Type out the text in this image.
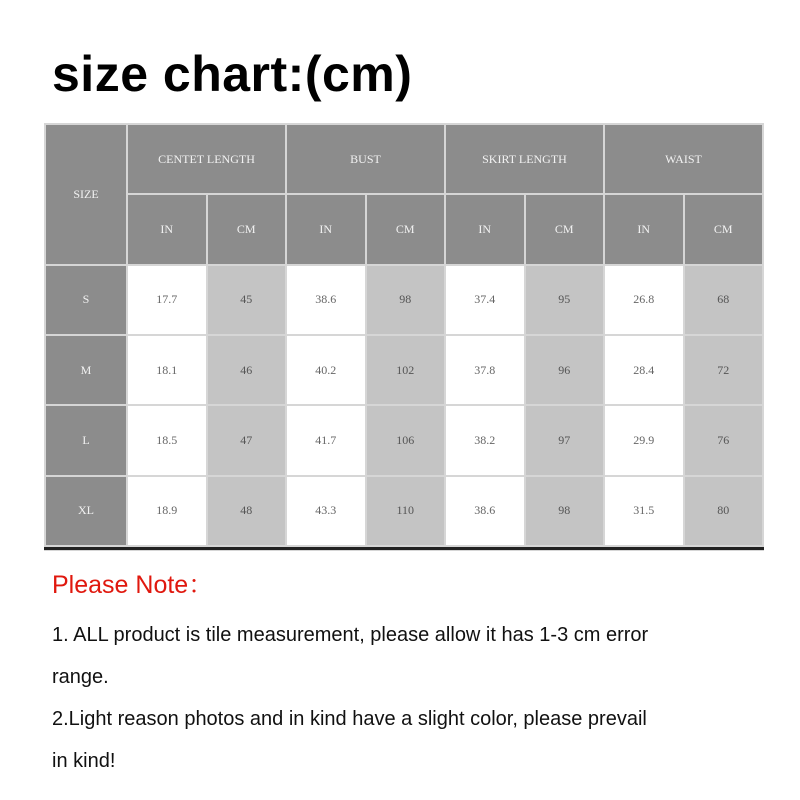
size chart:(cm)
SIZE	CENTET LENGTH		BUST		SKIRT LENGTH		WAIST	
	IN	CM	IN	CM	IN	CM	IN	CM
S	17.7	45	38.6	98	37.4	95	26.8	68
M	18.1	46	40.2	102	37.8	96	28.4	72
L	18.5	47	41.7	106	38.2	97	29.9	76
XL	18.9	48	43.3	110	38.6	98	31.5	80
Please Note：
1. ALL product is tile measurement, please allow it has 1-3 cm error
range.
2.Light reason photos and in kind have a slight color, please prevail
in kind!
